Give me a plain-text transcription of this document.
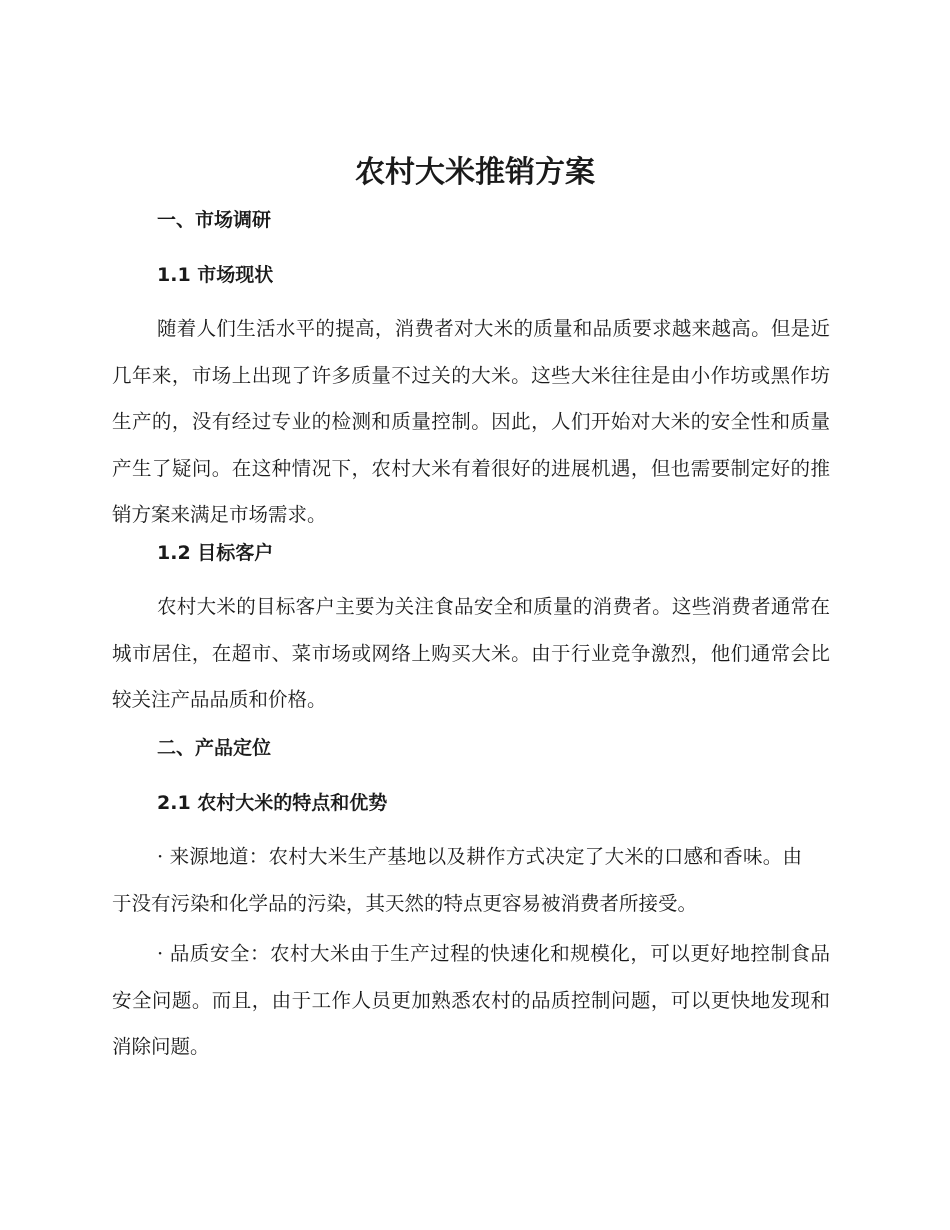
农村大米推销方案
一、市场调研
1.1 市场现状

随着人们生活水平的提高，消费者对大米的质量和品质要求越来越高。但是近几年来，市场上出现了许多质量不过关的大米。这些大米往往是由小作坊或黑作坊生产的，没有经过专业的检测和质量控制。因此，人们开始对大米的安全性和质量产生了疑问。在这种情况下，农村大米有着很好的进展机遇，但也需要制定好的推销方案来满足市场需求。

1.2 目标客户

农村大米的目标客户主要为关注食品安全和质量的消费者。这些消费者通常在城市居住，在超市、菜市场或网络上购买大米。由于行业竞争激烈，他们通常会比较关注产品品质和价格。

二、产品定位
2.1 农村大米的特点和优势

· 来源地道：农村大米生产基地以及耕作方式决定了大米的口感和香味。由于没有污染和化学品的污染，其天然的特点更容易被消费者所接受。

· 品质安全：农村大米由于生产过程的快速化和规模化，可以更好地控制食品安全问题。而且，由于工作人员更加熟悉农村的品质控制问题，可以更快地发现和消除问题。
